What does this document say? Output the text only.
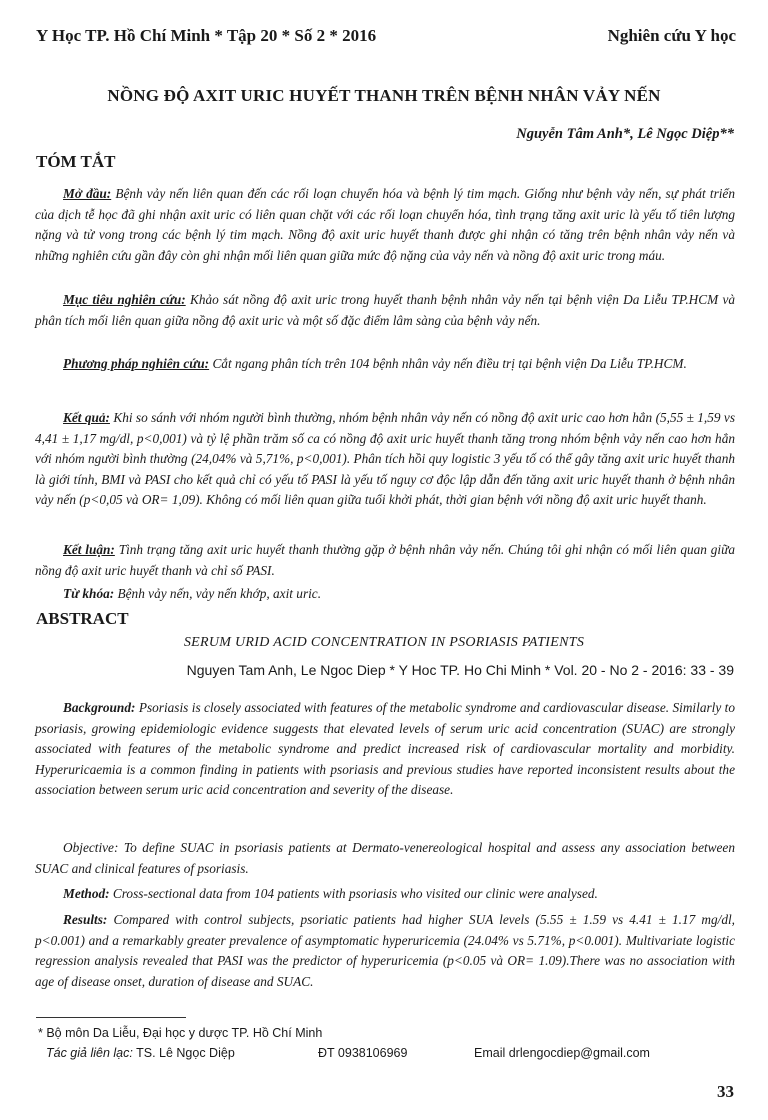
Y Học TP. Hồ Chí Minh * Tập 20 * Số 2 * 2016	Nghiên cứu Y học
NỒNG ĐỘ AXIT URIC HUYẾT THANH TRÊN BỆNH NHÂN VẢY NẾN
Nguyễn Tâm Anh*, Lê Ngọc Diệp**
TÓM TẮT
Mở đầu: Bệnh vảy nến liên quan đến các rối loạn chuyển hóa và bệnh lý tim mạch. Giống như bệnh vảy nến, sự phát triển của dịch tễ học đã ghi nhận axit uric có liên quan chặt với các rối loạn chuyển hóa, tình trạng tăng axit uric là yếu tố tiên lượng nặng và tử vong trong các bệnh lý tim mạch. Nồng độ axit uric huyết thanh được ghi nhận có tăng trên bệnh nhân vảy nến và những nghiên cứu gần đây còn ghi nhận mối liên quan giữa mức độ nặng của vảy nến và nồng độ axit uric trong máu.
Mục tiêu nghiên cứu: Khảo sát nồng độ axit uric trong huyết thanh bệnh nhân vảy nến tại bệnh viện Da Liễu TP.HCM và phân tích mối liên quan giữa nồng độ axit uric và một số đặc điểm lâm sàng của bệnh vảy nến.
Phương pháp nghiên cứu: Cắt ngang phân tích trên 104 bệnh nhân vảy nến điều trị tại bệnh viện Da Liễu TP.HCM.
Kết quả: Khi so sánh với nhóm người bình thường, nhóm bệnh nhân vảy nến có nồng độ axit uric cao hơn hẳn (5,55 ± 1,59 vs 4,41 ± 1,17 mg/dl, p<0,001) và tỷ lệ phần trăm số ca có nồng độ axit uric huyết thanh tăng trong nhóm bệnh vảy nến cao hơn hẳn với nhóm người bình thường (24,04% và 5,71%, p<0,001). Phân tích hồi quy logistic 3 yếu tố có thể gây tăng axit uric huyết thanh là giới tính, BMI và PASI cho kết quả chỉ có yếu tố PASI là yếu tố nguy cơ độc lập dẫn đến tăng axit uric huyết thanh ở bệnh nhân vảy nến (p<0,05 và OR= 1,09). Không có mối liên quan giữa tuổi khởi phát, thời gian bệnh với nồng độ axit uric huyết thanh.
Kết luận: Tình trạng tăng axit uric huyết thanh thường gặp ở bệnh nhân vảy nến. Chúng tôi ghi nhận có mối liên quan giữa nồng độ axit uric huyết thanh và chỉ số PASI.
Từ khóa: Bệnh vảy nến, vảy nến khớp, axit uric.
ABSTRACT
SERUM URID ACID CONCENTRATION IN PSORIASIS PATIENTS
Nguyen Tam Anh, Le Ngoc Diep * Y Hoc TP. Ho Chi Minh * Vol. 20 - No 2 - 2016: 33 - 39
Background: Psoriasis is closely associated with features of the metabolic syndrome and cardiovascular disease. Similarly to psoriasis, growing epidemiologic evidence suggests that elevated levels of serum uric acid concentration (SUAC) are strongly associated with features of the metabolic syndrome and predict increased risk of cardiovascular mortality and morbidity. Hyperuricaemia is a common finding in patients with psoriasis and previous studies have reported inconsistent results about the association between serum uric acid concentration and severity of the disease.
Objective: To define SUAC in psoriasis patients at Dermato-venereological hospital and assess any association between SUAC and clinical features of psoriasis.
Method: Cross-sectional data from 104 patients with psoriasis who visited our clinic were analysed.
Results: Compared with control subjects, psoriatic patients had higher SUA levels (5.55 ± 1.59 vs 4.41 ± 1.17 mg/dl, p<0.001) and a remarkably greater prevalence of asymptomatic hyperuricemia (24.04% vs 5.71%, p<0.001). Multivariate logistic regression analysis revealed that PASI was the predictor of hyperuricemia (p<0.05 và OR= 1.09).There was no association with age of disease onset, duration of disease and SUAC.
* Bộ môn Da Liễu, Đại học y dược TP. Hồ Chí Minh
Tác giả liên lạc: TS. Lê Ngọc Diệp	ĐT 0938106969	Email drlengocdiep@gmail.com
33
